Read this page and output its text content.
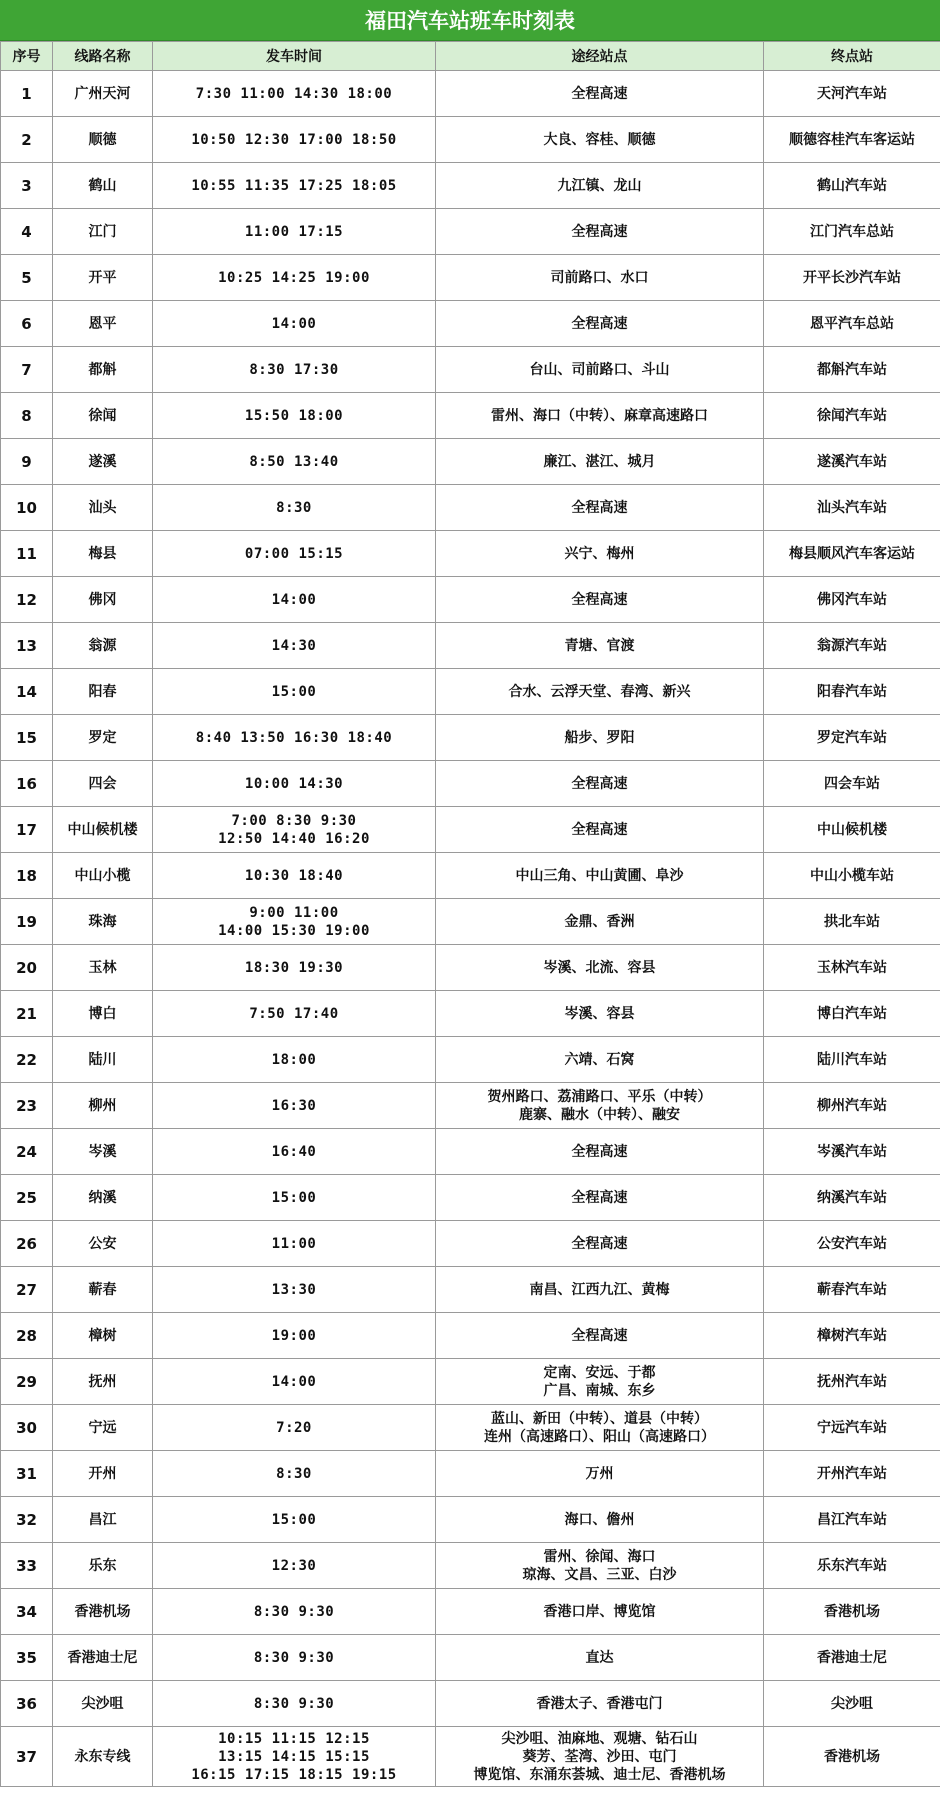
福田汽车站班车时刻表
序号	线路名称	发车时间	途经站点	终点站
1	广州天河	7:30 11:00 14:30 18:00	全程高速	天河汽车站
2	顺德	10:50 12:30 17:00 18:50	大良、容桂、顺德	顺德容桂汽车客运站
3	鹤山	10:55 11:35 17:25 18:05	九江镇、龙山	鹤山汽车站
4	江门	11:00 17:15	全程高速	江门汽车总站
5	开平	10:25 14:25 19:00	司前路口、水口	开平长沙汽车站
6	恩平	14:00	全程高速	恩平汽车总站
7	都斛	8:30 17:30	台山、司前路口、斗山	都斛汽车站
8	徐闻	15:50 18:00	雷州、海口（中转）、麻章高速路口	徐闻汽车站
9	遂溪	8:50 13:40	廉江、湛江、城月	遂溪汽车站
10	汕头	8:30	全程高速	汕头汽车站
11	梅县	07:00 15:15	兴宁、梅州	梅县顺风汽车客运站
12	佛冈	14:00	全程高速	佛冈汽车站
13	翁源	14:30	青塘、官渡	翁源汽车站
14	阳春	15:00	合水、云浮天堂、春湾、新兴	阳春汽车站
15	罗定	8:40 13:50 16:30 18:40	船步、罗阳	罗定汽车站
16	四会	10:00 14:30	全程高速	四会车站
17	中山候机楼	7:00 8:30 9:30
12:50 14:40 16:20	全程高速	中山候机楼
18	中山小榄	10:30 18:40	中山三角、中山黄圃、阜沙	中山小榄车站
19	珠海	9:00 11:00
14:00 15:30 19:00	金鼎、香洲	拱北车站
20	玉林	18:30 19:30	岑溪、北流、容县	玉林汽车站
21	博白	7:50 17:40	岑溪、容县	博白汽车站
22	陆川	18:00	六靖、石窝	陆川汽车站
23	柳州	16:30	贺州路口、荔浦路口、平乐（中转）
鹿寨、融水（中转）、融安	柳州汽车站
24	岑溪	16:40	全程高速	岑溪汽车站
25	纳溪	15:00	全程高速	纳溪汽车站
26	公安	11:00	全程高速	公安汽车站
27	蕲春	13:30	南昌、江西九江、黄梅	蕲春汽车站
28	樟树	19:00	全程高速	樟树汽车站
29	抚州	14:00	定南、安远、于都
广昌、南城、东乡	抚州汽车站
30	宁远	7:20	蓝山、新田（中转）、道县（中转）
连州（高速路口）、阳山（高速路口）	宁远汽车站
31	开州	8:30	万州	开州汽车站
32	昌江	15:00	海口、儋州	昌江汽车站
33	乐东	12:30	雷州、徐闻、海口
琼海、文昌、三亚、白沙	乐东汽车站
34	香港机场	8:30 9:30	香港口岸、博览馆	香港机场
35	香港迪士尼	8:30 9:30	直达	香港迪士尼
36	尖沙咀	8:30 9:30	香港太子、香港屯门	尖沙咀
37	永东专线	10:15 11:15 12:15
13:15 14:15 15:15
16:15 17:15 18:15 19:15	尖沙咀、油麻地、观塘、钻石山
葵芳、荃湾、沙田、屯门
博览馆、东涌东荟城、迪士尼、香港机场	香港机场
